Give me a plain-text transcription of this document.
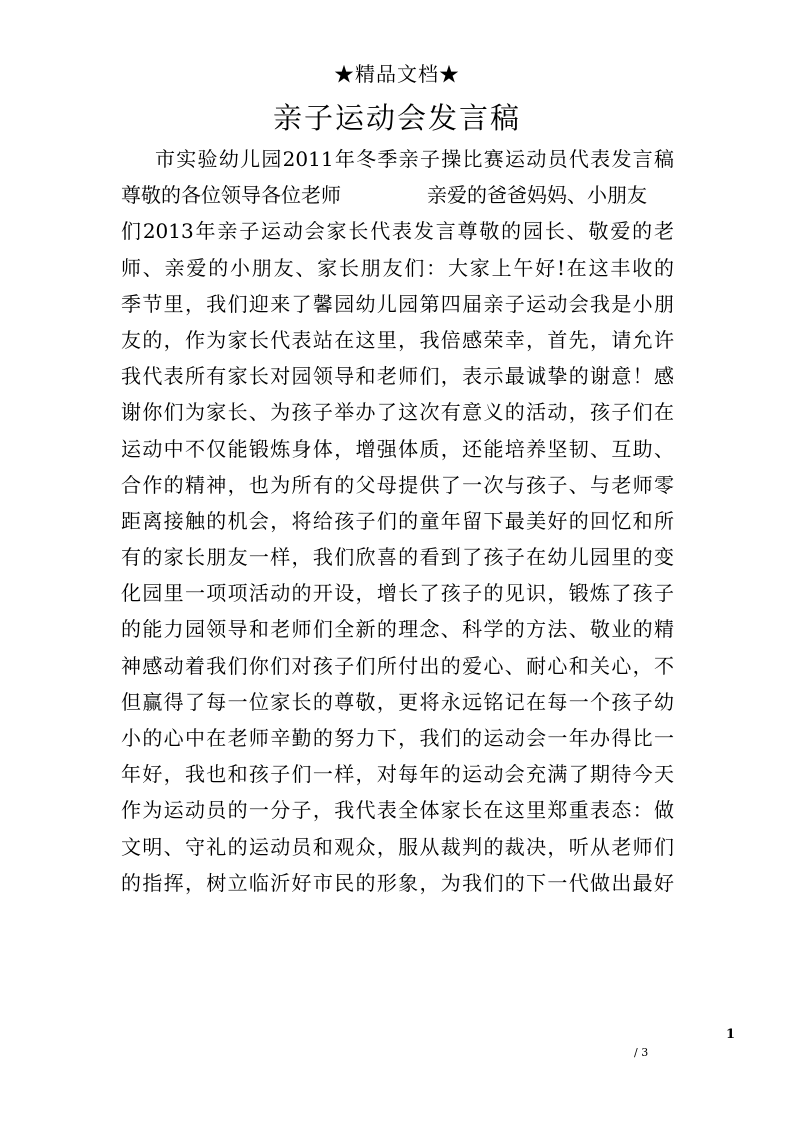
★精品文档★
亲子运动会发言稿
市实验幼儿园2011年冬季亲子操比赛运动员代表发言稿
尊敬的各位领导各位老师	亲爱的爸爸妈妈、小朋友
们2013年亲子运动会家长代表发言尊敬的园长、敬爱的老
师、亲爱的小朋友、家长朋友们：大家上午好!在这丰收的
季节里，我们迎来了馨园幼儿园第四届亲子运动会我是小朋
友的，作为家长代表站在这里，我倍感荣幸，首先，请允许
我代表所有家长对园领导和老师们，表示最诚挚的谢意！感
谢你们为家长、为孩子举办了这次有意义的活动，孩子们在
运动中不仅能锻炼身体，增强体质，还能培养坚韧、互助、
合作的精神，也为所有的父母提供了一次与孩子、与老师零
距离接触的机会，将给孩子们的童年留下最美好的回忆和所
有的家长朋友一样，我们欣喜的看到了孩子在幼儿园里的变
化园里一项项活动的开设，增长了孩子的见识，锻炼了孩子
的能力园领导和老师们全新的理念、科学的方法、敬业的精
神感动着我们你们对孩子们所付出的爱心、耐心和关心，不
但赢得了每一位家长的尊敬，更将永远铭记在每一个孩子幼
小的心中在老师辛勤的努力下，我们的运动会一年办得比一
年好，我也和孩子们一样，对每年的运动会充满了期待今天
作为运动员的一分子，我代表全体家长在这里郑重表态：做
文明、守礼的运动员和观众，服从裁判的裁决，听从老师们
的指挥，树立临沂好市民的形象，为我们的下一代做出最好
1
/ 3
